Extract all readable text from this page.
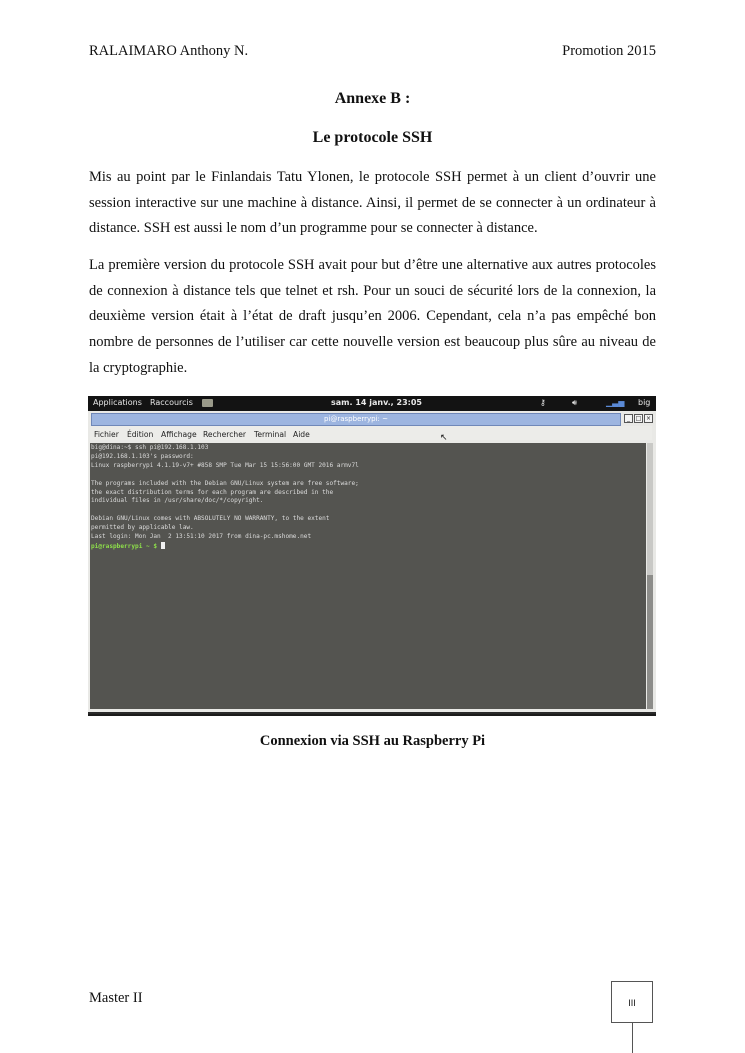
RALAIMARO Anthony N.	Promotion 2015
Annexe B :
Le protocole SSH

Mis au point par le Finlandais Tatu Ylonen, le protocole SSH permet à un client d’ouvrir une session interactive sur une machine à distance. Ainsi, il permet de se connecter à un ordinateur à distance. SSH est aussi le nom d’un programme pour se connecter à distance.

La première version du protocole SSH avait pour but d’être une alternative aux autres protocoles de connexion à distance tels que telnet et rsh. Pour un souci de sécurité lors de la connexion, la deuxième version était à l’état de draft jusqu’en 2006. Cependant, cela n’a pas empêché bon nombre de personnes de l’utiliser car cette nouvelle version est beaucoup plus sûre au niveau de la cryptographie.

Applications Raccourcis	sam. 14 janv., 23:05	⚷	🔊︎	▁▃▅ big
pi@raspberrypi: ~	_ □ ×
Fichier Édition Affichage Rechercher Terminal Aide	↖
big@dina:~$ ssh pi@192.168.1.103
pi@192.168.1.103's password:
Linux raspberrypi 4.1.19-v7+ #858 SMP Tue Mar 15 15:56:00 GMT 2016 armv7l

The programs included with the Debian GNU/Linux system are free software;
the exact distribution terms for each program are described in the
individual files in /usr/share/doc/*/copyright.

Debian GNU/Linux comes with ABSOLUTELY NO WARRANTY, to the extent
permitted by applicable law.
Last login: Mon Jan  2 13:51:10 2017 from dina-pc.mshome.net
pi@raspberrypi ~ $
Connexion via SSH au Raspberry Pi
Master II	III
